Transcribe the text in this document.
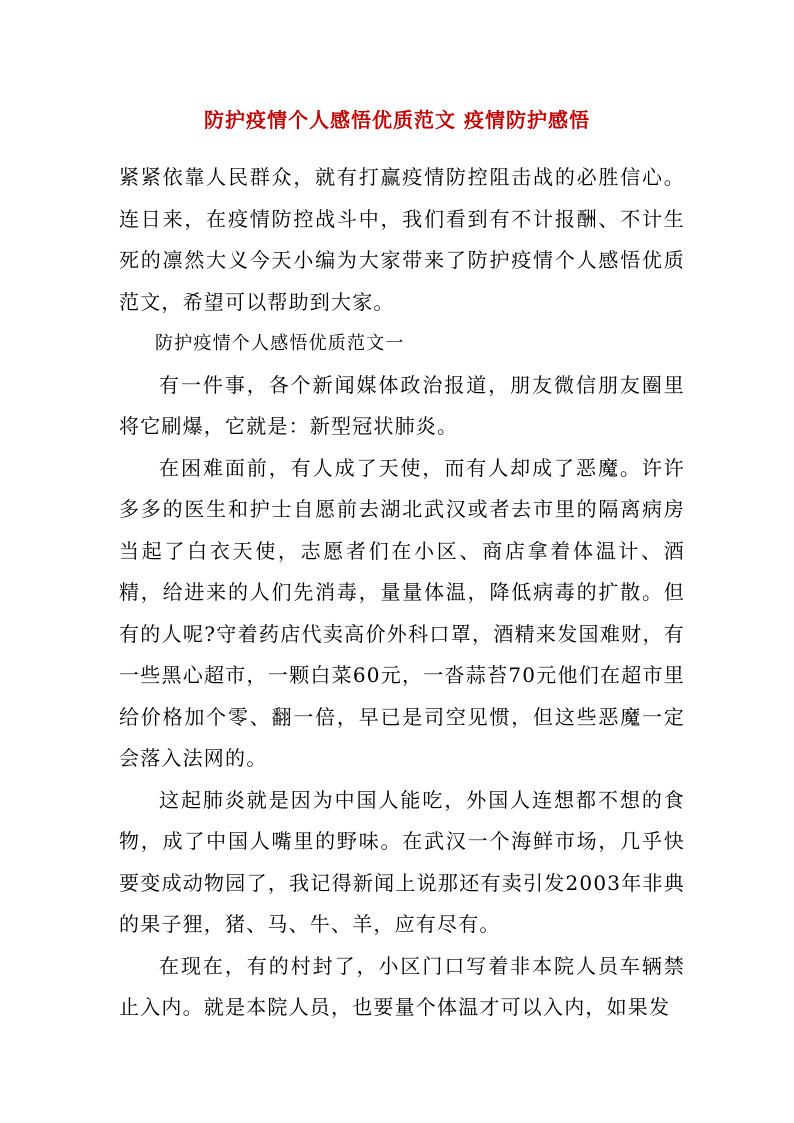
防护疫情个人感悟优质范文 疫情防护感悟

紧紧依靠人民群众，就有打赢疫情防控阻击战的必胜信心。连日来，在疫情防控战斗中，我们看到有不计报酬、不计生死的凛然大义今天小编为大家带来了防护疫情个人感悟优质范文，希望可以帮助到大家。

防护疫情个人感悟优质范文一

有一件事，各个新闻媒体政治报道，朋友微信朋友圈里将它刷爆，它就是：新型冠状肺炎。

在困难面前，有人成了天使，而有人却成了恶魔。许许多多的医生和护士自愿前去湖北武汉或者去市里的隔离病房当起了白衣天使，志愿者们在小区、商店拿着体温计、酒精，给进来的人们先消毒，量量体温，降低病毒的扩散。但有的人呢?守着药店代卖高价外科口罩，酒精来发国难财，有一些黑心超市，一颗白菜60元，一沓蒜苔70元他们在超市里给价格加个零、翻一倍，早已是司空见惯，但这些恶魔一定会落入法网的。

这起肺炎就是因为中国人能吃，外国人连想都不想的食物，成了中国人嘴里的野味。在武汉一个海鲜市场，几乎快要变成动物园了，我记得新闻上说那还有卖引发2003年非典的果子狸，猪、马、牛、羊，应有尽有。

在现在，有的村封了，小区门口写着非本院人员车辆禁止入内。就是本院人员，也要量个体温才可以入内，如果发
